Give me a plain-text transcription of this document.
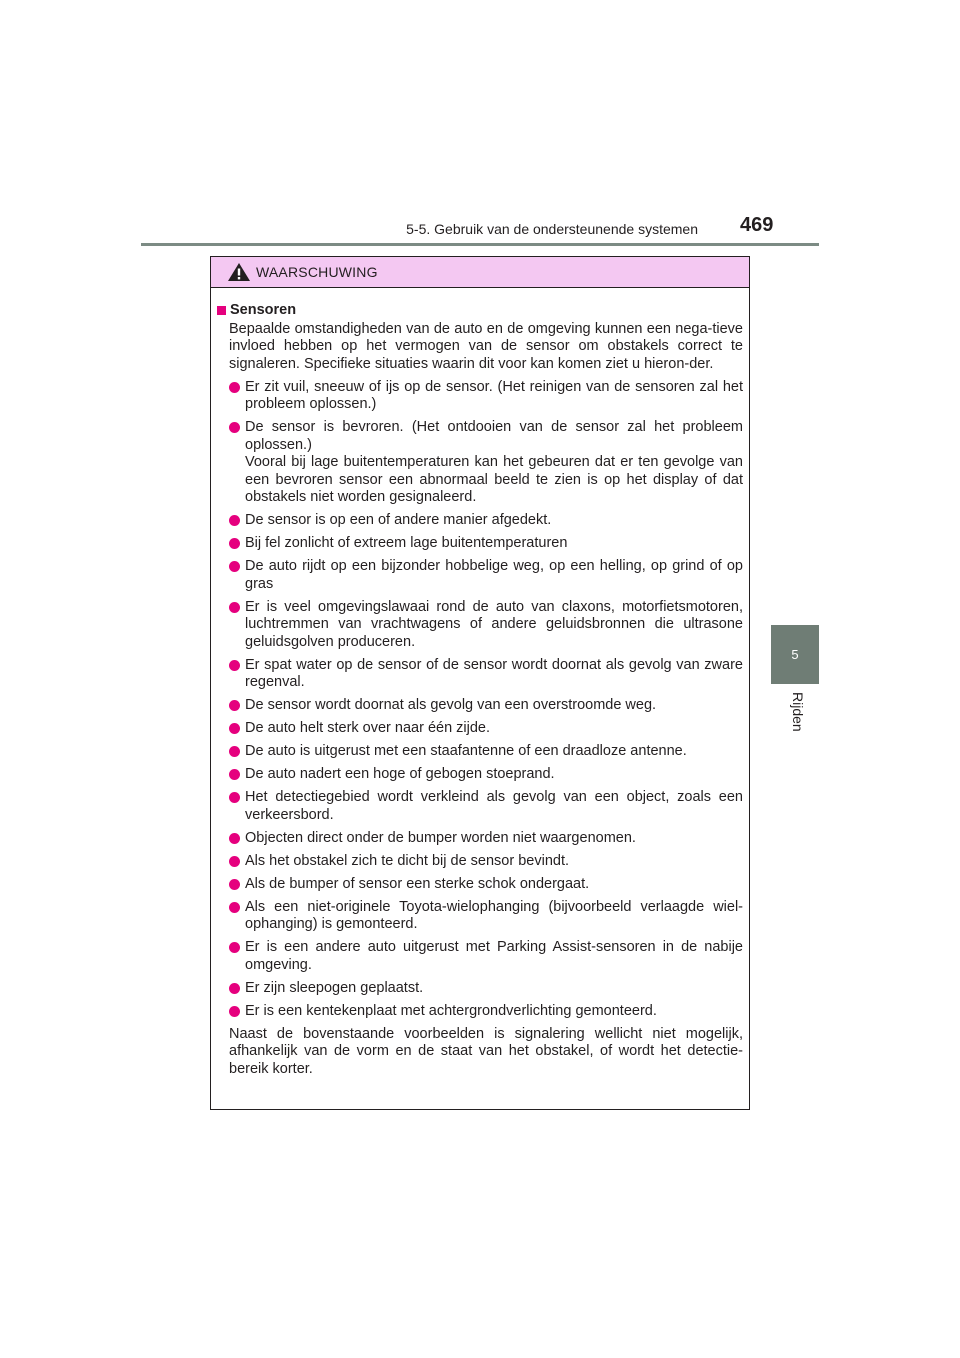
5-5. Gebruik van de ondersteunende systemen 469
5
Rijden
WAARSCHUWING
Sensoren
Bepaalde omstandigheden van de auto en de omgeving kunnen een nega-tieve invloed hebben op het vermogen van de sensor om obstakels correct te signaleren. Specifieke situaties waarin dit voor kan komen ziet u hieron-der.
Er zit vuil, sneeuw of ijs op de sensor. (Het reinigen van de sensoren zal het probleem oplossen.)
De sensor is bevroren. (Het ontdooien van de sensor zal het probleem oplossen.)
Vooral bij lage buitentemperaturen kan het gebeuren dat er ten gevolge van een bevroren sensor een abnormaal beeld te zien is op het display of dat obstakels niet worden gesignaleerd.
De sensor is op een of andere manier afgedekt.
Bij fel zonlicht of extreem lage buitentemperaturen
De auto rijdt op een bijzonder hobbelige weg, op een helling, op grind of op gras
Er is veel omgevingslawaai rond de auto van claxons, motorfietsmotoren, luchtremmen van vrachtwagens of andere geluidsbronnen die ultrasone geluidsgolven produceren.
Er spat water op de sensor of de sensor wordt doornat als gevolg van zware regenval.
De sensor wordt doornat als gevolg van een overstroomde weg.
De auto helt sterk over naar één zijde.
De auto is uitgerust met een staafantenne of een draadloze antenne.
De auto nadert een hoge of gebogen stoeprand.
Het detectiegebied wordt verkleind als gevolg van een object, zoals een verkeersbord.
Objecten direct onder de bumper worden niet waargenomen.
Als het obstakel zich te dicht bij de sensor bevindt.
Als de bumper of sensor een sterke schok ondergaat.
Als een niet-originele Toyota-wielophanging (bijvoorbeeld verlaagde wiel-ophanging) is gemonteerd.
Er is een andere auto uitgerust met Parking Assist-sensoren in de nabije omgeving.
Er zijn sleepogen geplaatst.
Er is een kentekenplaat met achtergrondverlichting gemonteerd.
Naast de bovenstaande voorbeelden is signalering wellicht niet mogelijk, afhankelijk van de vorm en de staat van het obstakel, of wordt het detectie-bereik korter.
